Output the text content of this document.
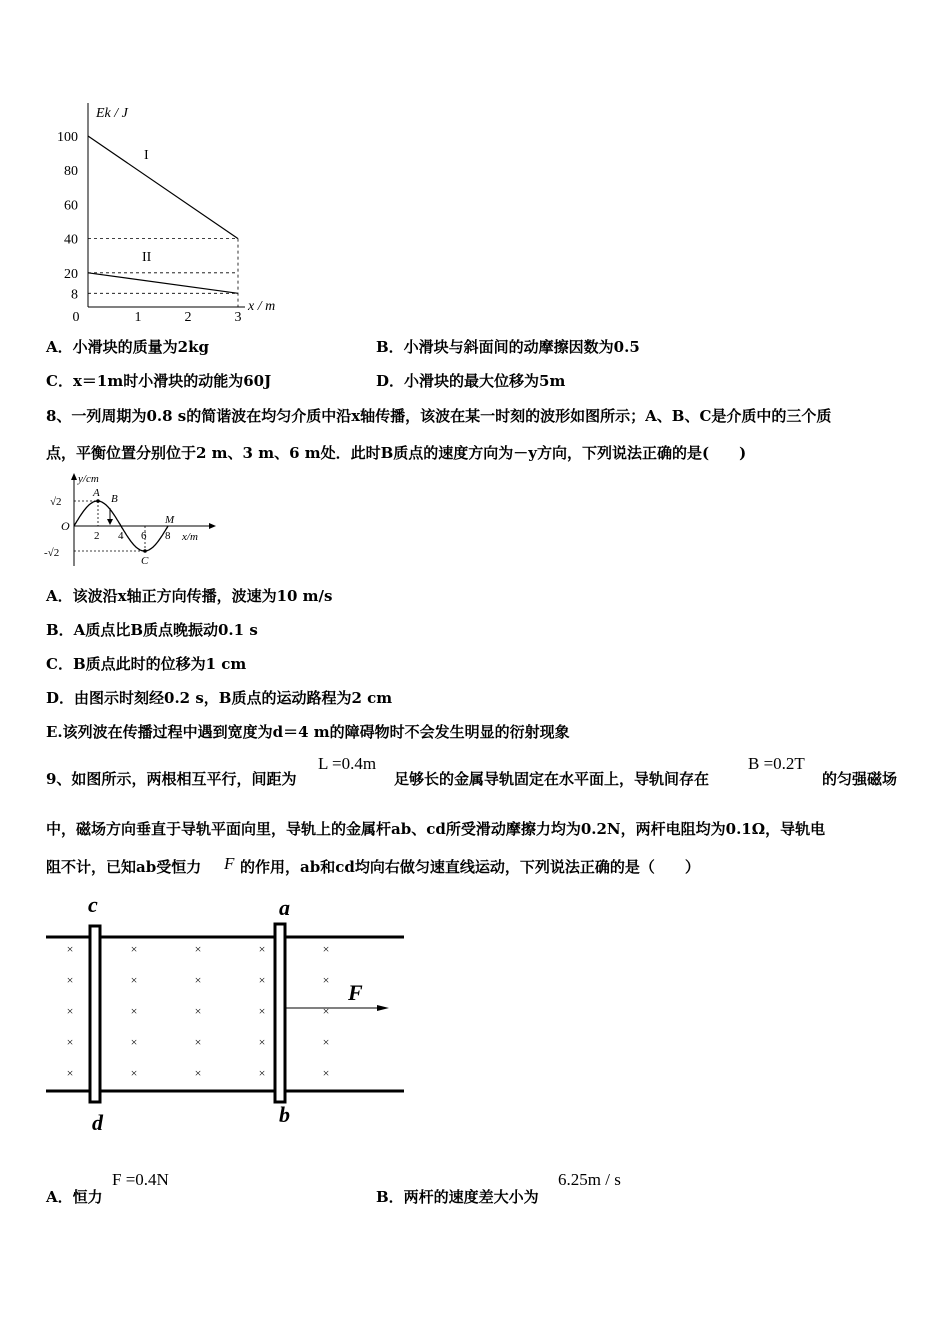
100
80
60
40
20
8
0	1	2	3
Ek / J
x / m
I
II
A．小滑块的质量为2kg	B．小滑块与斜面间的动摩擦因数为0.5
C．x＝1m时小滑块的动能为60J	D．小滑块的最大位移为5m
8、一列周期为0.8 s的简谐波在均匀介质中沿x轴传播，该波在某一时刻的波形如图所示；A、B、C是介质中的三个质
点，平衡位置分别位于2 m、3 m、6 m处．此时B质点的速度方向为－y方向，下列说法正确的是(　　)
y/cm
x/m
O
√2
-√2
2 4 6 8
A B
C
M
A．该波沿x轴正方向传播，波速为10 m/s
B．A质点比B质点晚振动0.1 s
C．B质点此时的位移为1 cm
D．由图示时刻经0.2 s，B质点的运动路程为2 cm
E.该列波在传播过程中遇到宽度为d＝4 m的障碍物时不会发生明显的衍射现象
9、如图所示，两根相互平行，间距为
L =0.4m
足够长的金属导轨固定在水平面上，导轨间存在
B =0.2T
的匀强磁场
中，磁场方向垂直于导轨平面向里，导轨上的金属杆ab、cd所受滑动摩擦力均为0.2N，两杆电阻均为0.1Ω，导轨电
阻不计，已知ab受恒力 F 的作用，ab和cd均向右做匀速直线运动，下列说法正确的是（　　）
×	×	×	×	×
×	×	×	×	×
×	×	×	×	×
×	×	×	×	×
×	×	×	×	×
c	a
d	b
F
A．恒力
F =0.4N
B．两杆的速度差大小为
6.25m / s
